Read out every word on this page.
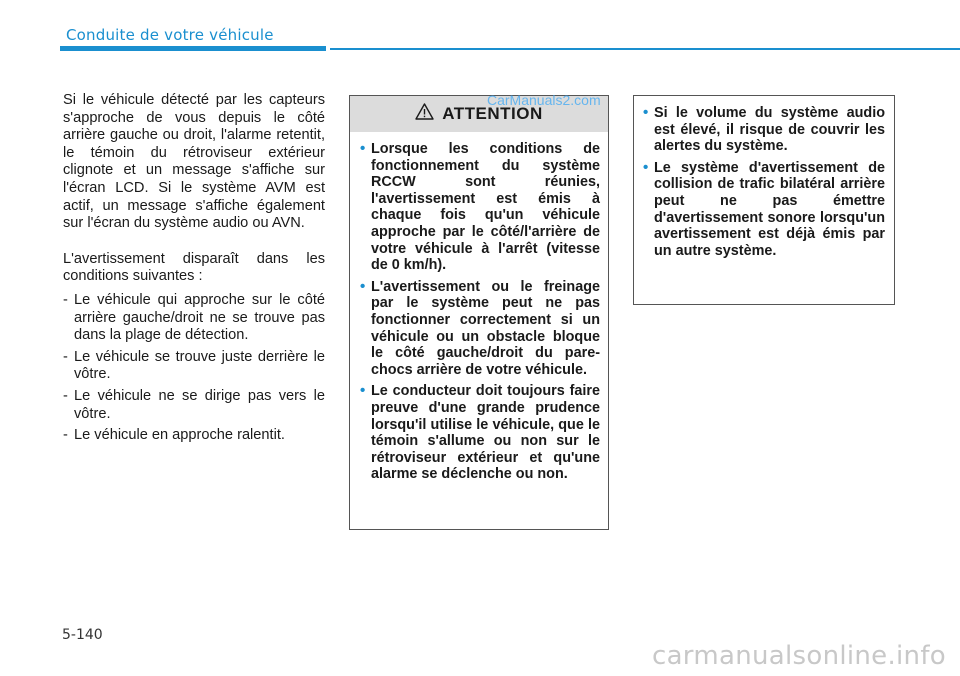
Conduite de votre véhicule

Si le véhicule détecté par les capteurs s'approche de vous depuis le côté arrière gauche ou droit, l'alarme retentit, le témoin du rétroviseur extérieur clignote et un message s'affiche sur l'écran LCD. Si le système AVM est actif, un message s'affiche également sur l'écran du système audio ou AVN.

L'avertissement disparaît dans les conditions suivantes :

- Le véhicule qui approche sur le côté arrière gauche/droit ne se trouve pas dans la plage de détection.
- Le véhicule se trouve juste derrière le vôtre.
- Le véhicule ne se dirige pas vers le vôtre.
- Le véhicule en approche ralentit.
ATTENTION
• Lorsque les conditions de fonctionnement du système RCCW sont réunies, l'avertissement est émis à chaque fois qu'un véhicule approche par le côté/l'arrière de votre véhicule à l'arrêt (vitesse de 0 km/h).
• L'avertissement ou le freinage par le système peut ne pas fonctionner correctement si un véhicule ou un obstacle bloque le côté gauche/droit du pare-chocs arrière de votre véhicule.
• Le conducteur doit toujours faire preuve d'une grande prudence lorsqu'il utilise le véhicule, que le témoin s'allume ou non sur le rétroviseur extérieur et qu'une alarme se déclenche ou non.
CarManuals2.com
• Si le volume du système audio est élevé, il risque de couvrir les alertes du système.
• Le système d'avertissement de collision de trafic bilatéral arrière peut ne pas émettre d'avertissement sonore lorsqu'un avertissement est déjà émis par un autre système.
5-140
carmanualsonline.info
